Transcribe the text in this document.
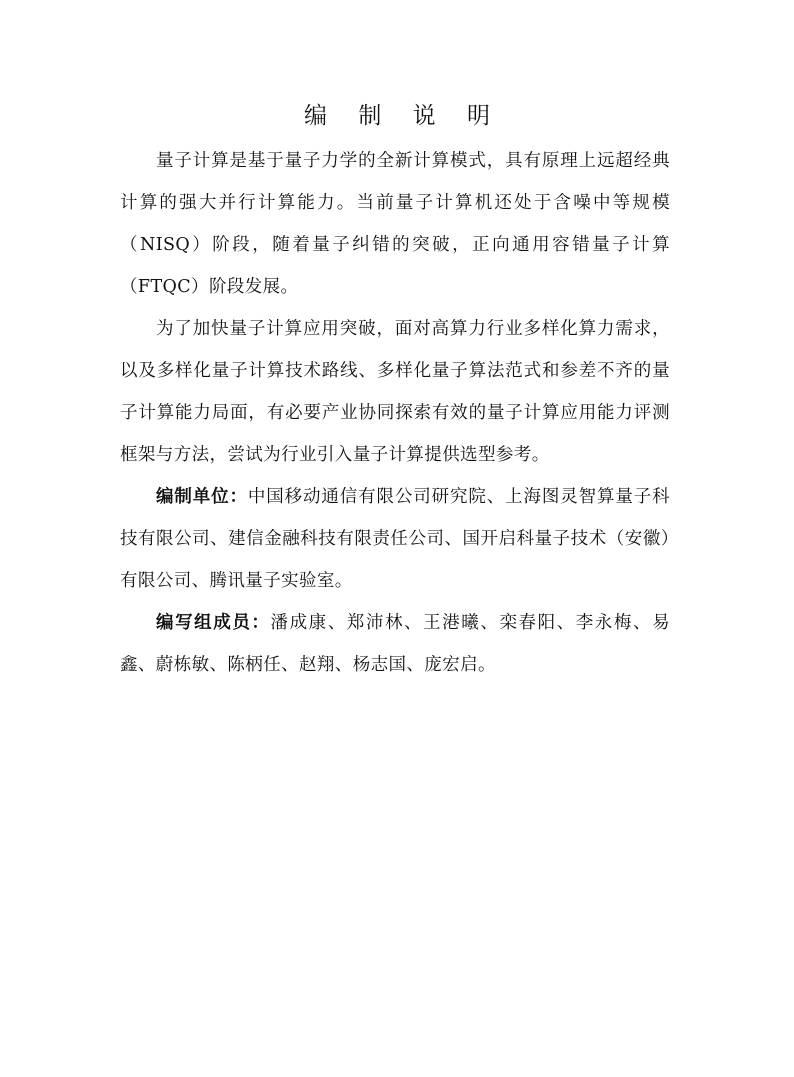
编 制 说 明

量子计算是基于量子力学的全新计算模式，具有原理上远超经典计算的强大并行计算能力。当前量子计算机还处于含噪中等规模（NISQ）阶段，随着量子纠错的突破，正向通用容错量子计算（FTQC）阶段发展。

为了加快量子计算应用突破，面对高算力行业多样化算力需求，以及多样化量子计算技术路线、多样化量子算法范式和参差不齐的量子计算能力局面，有必要产业协同探索有效的量子计算应用能力评测框架与方法，尝试为行业引入量子计算提供选型参考。

编制单位：中国移动通信有限公司研究院、上海图灵智算量子科技有限公司、建信金融科技有限责任公司、国开启科量子技术（安徽）有限公司、腾讯量子实验室。

编写组成员：潘成康、郑沛林、王港曦、栾春阳、李永梅、易鑫、蔚栋敏、陈柄任、赵翔、杨志国、庞宏启。
